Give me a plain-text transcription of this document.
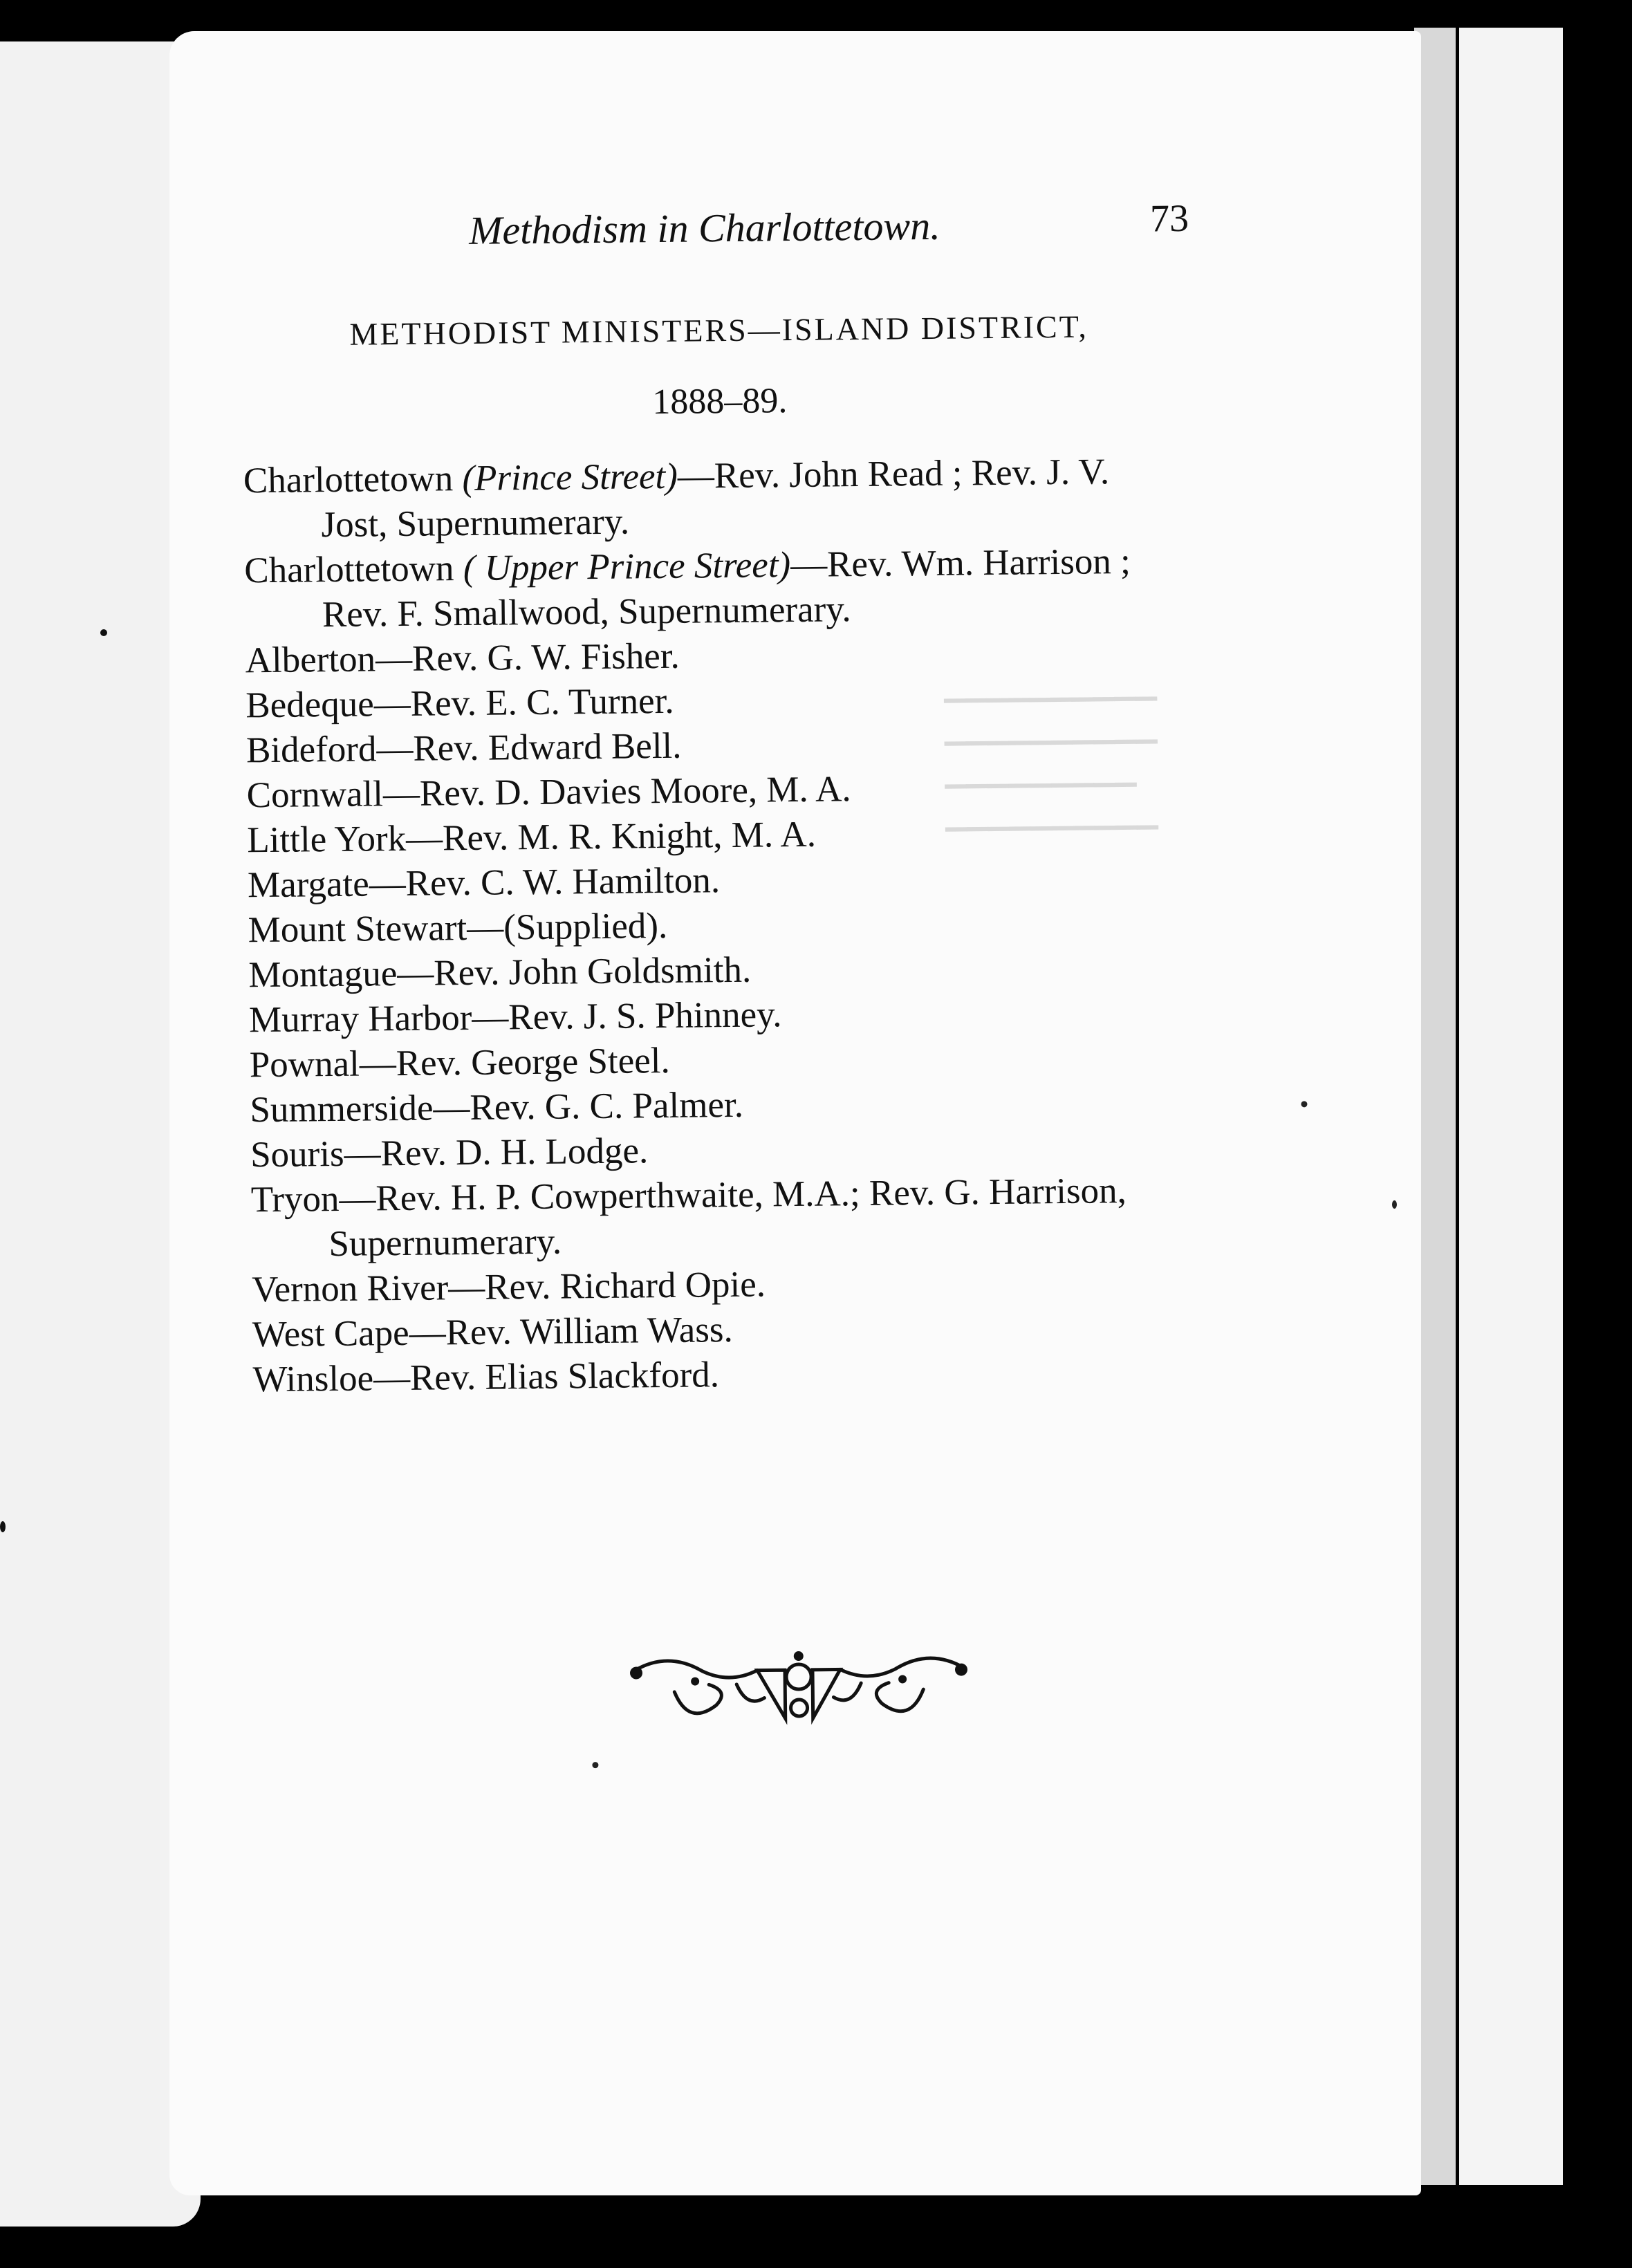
▁▁▁▁▁▁▁▁▁▁
▁▁▁▁▁▁▁▁▁▁
▁▁▁▁▁▁▁▁▁
▁▁▁▁▁▁▁▁▁▁
Methodism in Charlottetown.	73
METHODIST MINISTERS—ISLAND DISTRICT,
1888–89.
Charlottetown (Prince Street)—Rev. John Read ; Rev. J. V.
Jost, Supernumerary.
Charlottetown ( Upper Prince Street)—Rev. Wm. Harrison ;
Rev. F. Smallwood, Supernumerary.
Alberton—Rev. G. W. Fisher.
Bedeque—Rev. E. C. Turner.
Bideford—Rev. Edward Bell.
Cornwall—Rev. D. Davies Moore, M. A.
Little York—Rev. M. R. Knight, M. A.
Margate—Rev. C. W. Hamilton.
Mount Stewart—(Supplied).
Montague—Rev. John Goldsmith.
Murray Harbor—Rev. J. S. Phinney.
Pownal—Rev. George Steel.
Summerside—Rev. G. C. Palmer.
Souris—Rev. D. H. Lodge.
Tryon—Rev. H. P. Cowperthwaite, M.A.; Rev. G. Harrison,
Supernumerary.
Vernon River—Rev. Richard Opie.
West Cape—Rev. William Wass.
Winsloe—Rev. Elias Slackford.
